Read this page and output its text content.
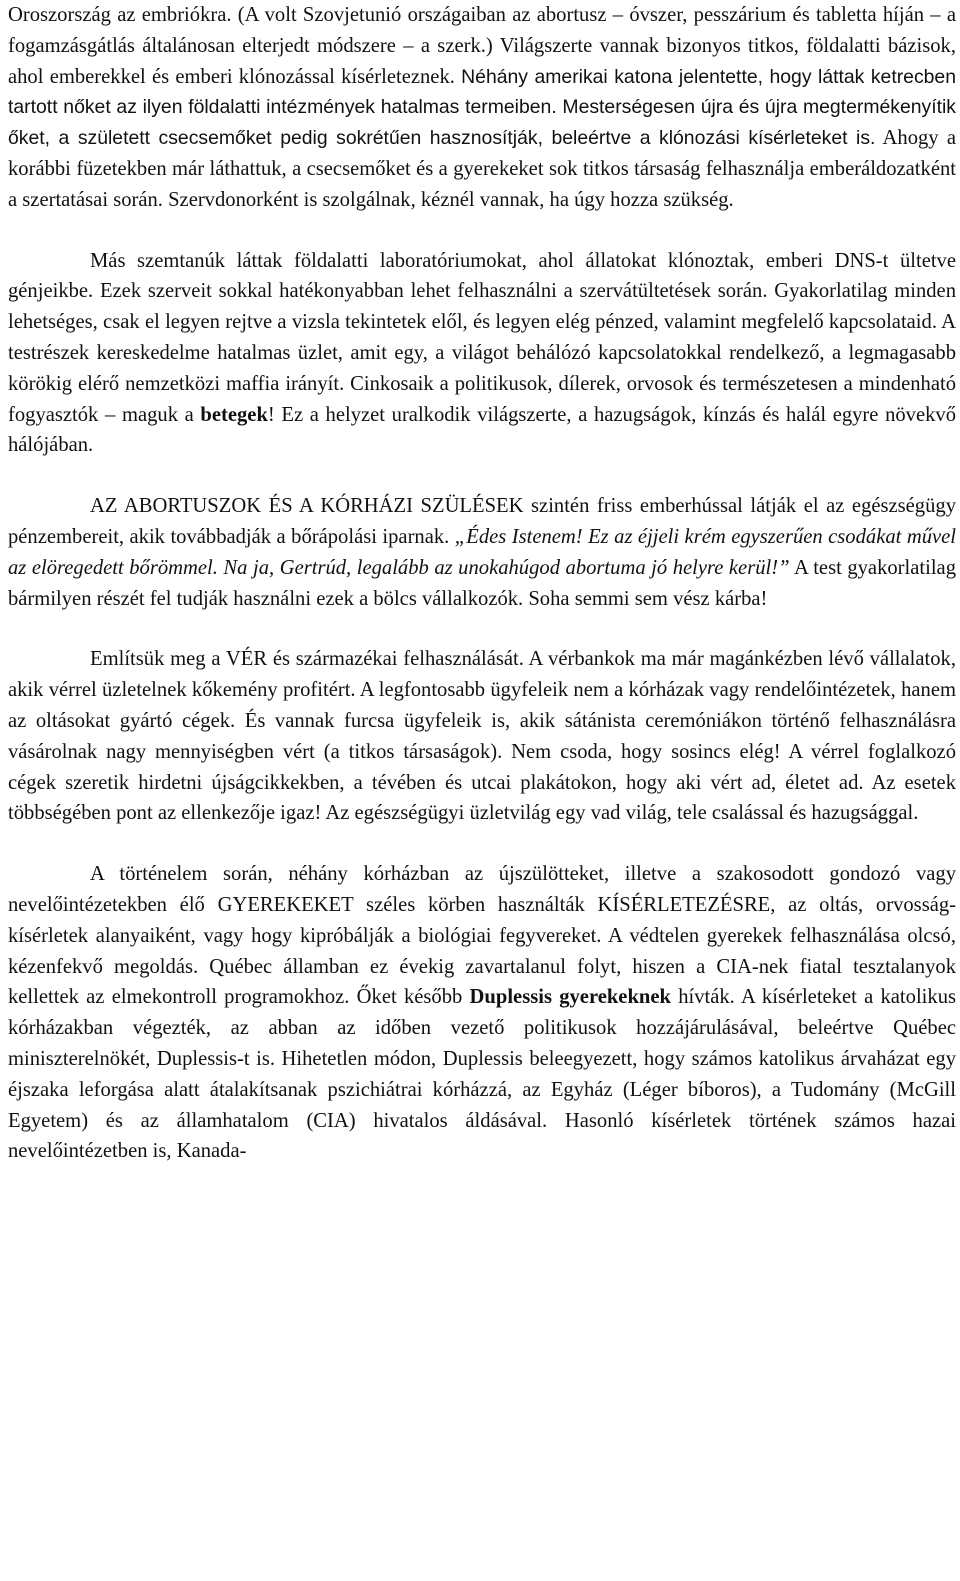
Oroszország az embriókra. (A volt Szovjetunió országaiban az abortusz – óvszer, pesszárium és tabletta híján – a fogamzásgátlás általánosan elterjedt módszere – a szerk.) Világszerte vannak bizonyos titkos, földalatti bázisok, ahol emberekkel és emberi klónozással kísérleteznek. Néhány amerikai katona jelentette, hogy láttak ketrecben tartott nőket az ilyen földalatti intézmények hatalmas termeiben. Mesterségesen újra és újra megtermékenyítik őket, a született csecsemőket pedig sokrétűen hasznosítják, beleértve a klónozási kísérleteket is. Ahogy a korábbi füzetekben már láthattuk, a csecsemőket és a gyerekeket sok titkos társaság felhasználja emberáldozatként a szertatásai során. Szervdonorként is szolgálnak, kéznél vannak, ha úgy hozza szükség.

Más szemtanúk láttak földalatti laboratóriumokat, ahol állatokat klónoztak, emberi DNS-t ültetve génjeikbe. Ezek szerveit sokkal hatékonyabban lehet felhasználni a szervátültetések során. Gyakorlatilag minden lehetséges, csak el legyen rejtve a vizsla tekintetek elől, és legyen elég pénzed, valamint megfelelő kapcsolataid. A testrészek kereskedelme hatalmas üzlet, amit egy, a világot behálózó kapcsolatokkal rendelkező, a legmagasabb körökig elérő nemzetközi maffia irányít. Cinkosaik a politikusok, dílerek, orvosok és természetesen a mindenható fogyasztók – maguk a betegek! Ez a helyzet uralkodik világszerte, a hazugságok, kínzás és halál egyre növekvő hálójában.

AZ ABORTUSZOK ÉS A KÓRHÁZI SZÜLÉSEK szintén friss emberhússal látják el az egészségügy pénzembereit, akik továbbadják a bőrápolási iparnak. „Édes Istenem! Ez az éjjeli krém egyszerűen csodákat művel az elöregedett bőrömmel. Na ja, Gertrúd, legalább az unokahúgod abortuma jó helyre kerül!” A test gyakorlatilag bármilyen részét fel tudják használni ezek a bölcs vállalkozók. Soha semmi sem vész kárba!

Említsük meg a VÉR és származékai felhasználását. A vérbankok ma már magánkézben lévő vállalatok, akik vérrel üzletelnek kőkemény profitért. A legfontosabb ügyfeleik nem a kórházak vagy rendelőintézetek, hanem az oltásokat gyártó cégek. És vannak furcsa ügyfeleik is, akik sátánista ceremóniákon történő felhasználásra vásárolnak nagy mennyiségben vért (a titkos társaságok). Nem csoda, hogy sosincs elég! A vérrel foglalkozó cégek szeretik hirdetni újságcikkekben, a tévében és utcai plakátokon, hogy aki vért ad, életet ad. Az esetek többségében pont az ellenkezője igaz! Az egészségügyi üzletvilág egy vad világ, tele csalással és hazugsággal.

A történelem során, néhány kórházban az újszülötteket, illetve a szakosodott gondozó vagy nevelőintézetekben élő GYEREKEKET széles körben használták KÍSÉRLETEZÉSRE, az oltás, orvosság-kísérletek alanyaiként, vagy hogy kipróbálják a biológiai fegyvereket. A védtelen gyerekek felhasználása olcsó, kézenfekvő megoldás. Québec államban ez évekig zavartalanul folyt, hiszen a CIA-nek fiatal tesztalanyok kellettek az elmekontroll programokhoz. Őket később Duplessis gyerekeknek hívták. A kísérleteket a katolikus kórházakban végezték, az abban az időben vezető politikusok hozzájárulásával, beleértve Québec miniszterelnökét, Duplessis-t is. Hihetetlen módon, Duplessis beleegyezett, hogy számos katolikus árvaházat egy éjszaka leforgása alatt átalakítsanak pszichiátrai kórházzá, az Egyház (Léger bíboros), a Tudomány (McGill Egyetem) és az államhatalom (CIA) hivatalos áldásával. Hasonló kísérletek történek számos hazai nevelőintézetben is, Kanada-
